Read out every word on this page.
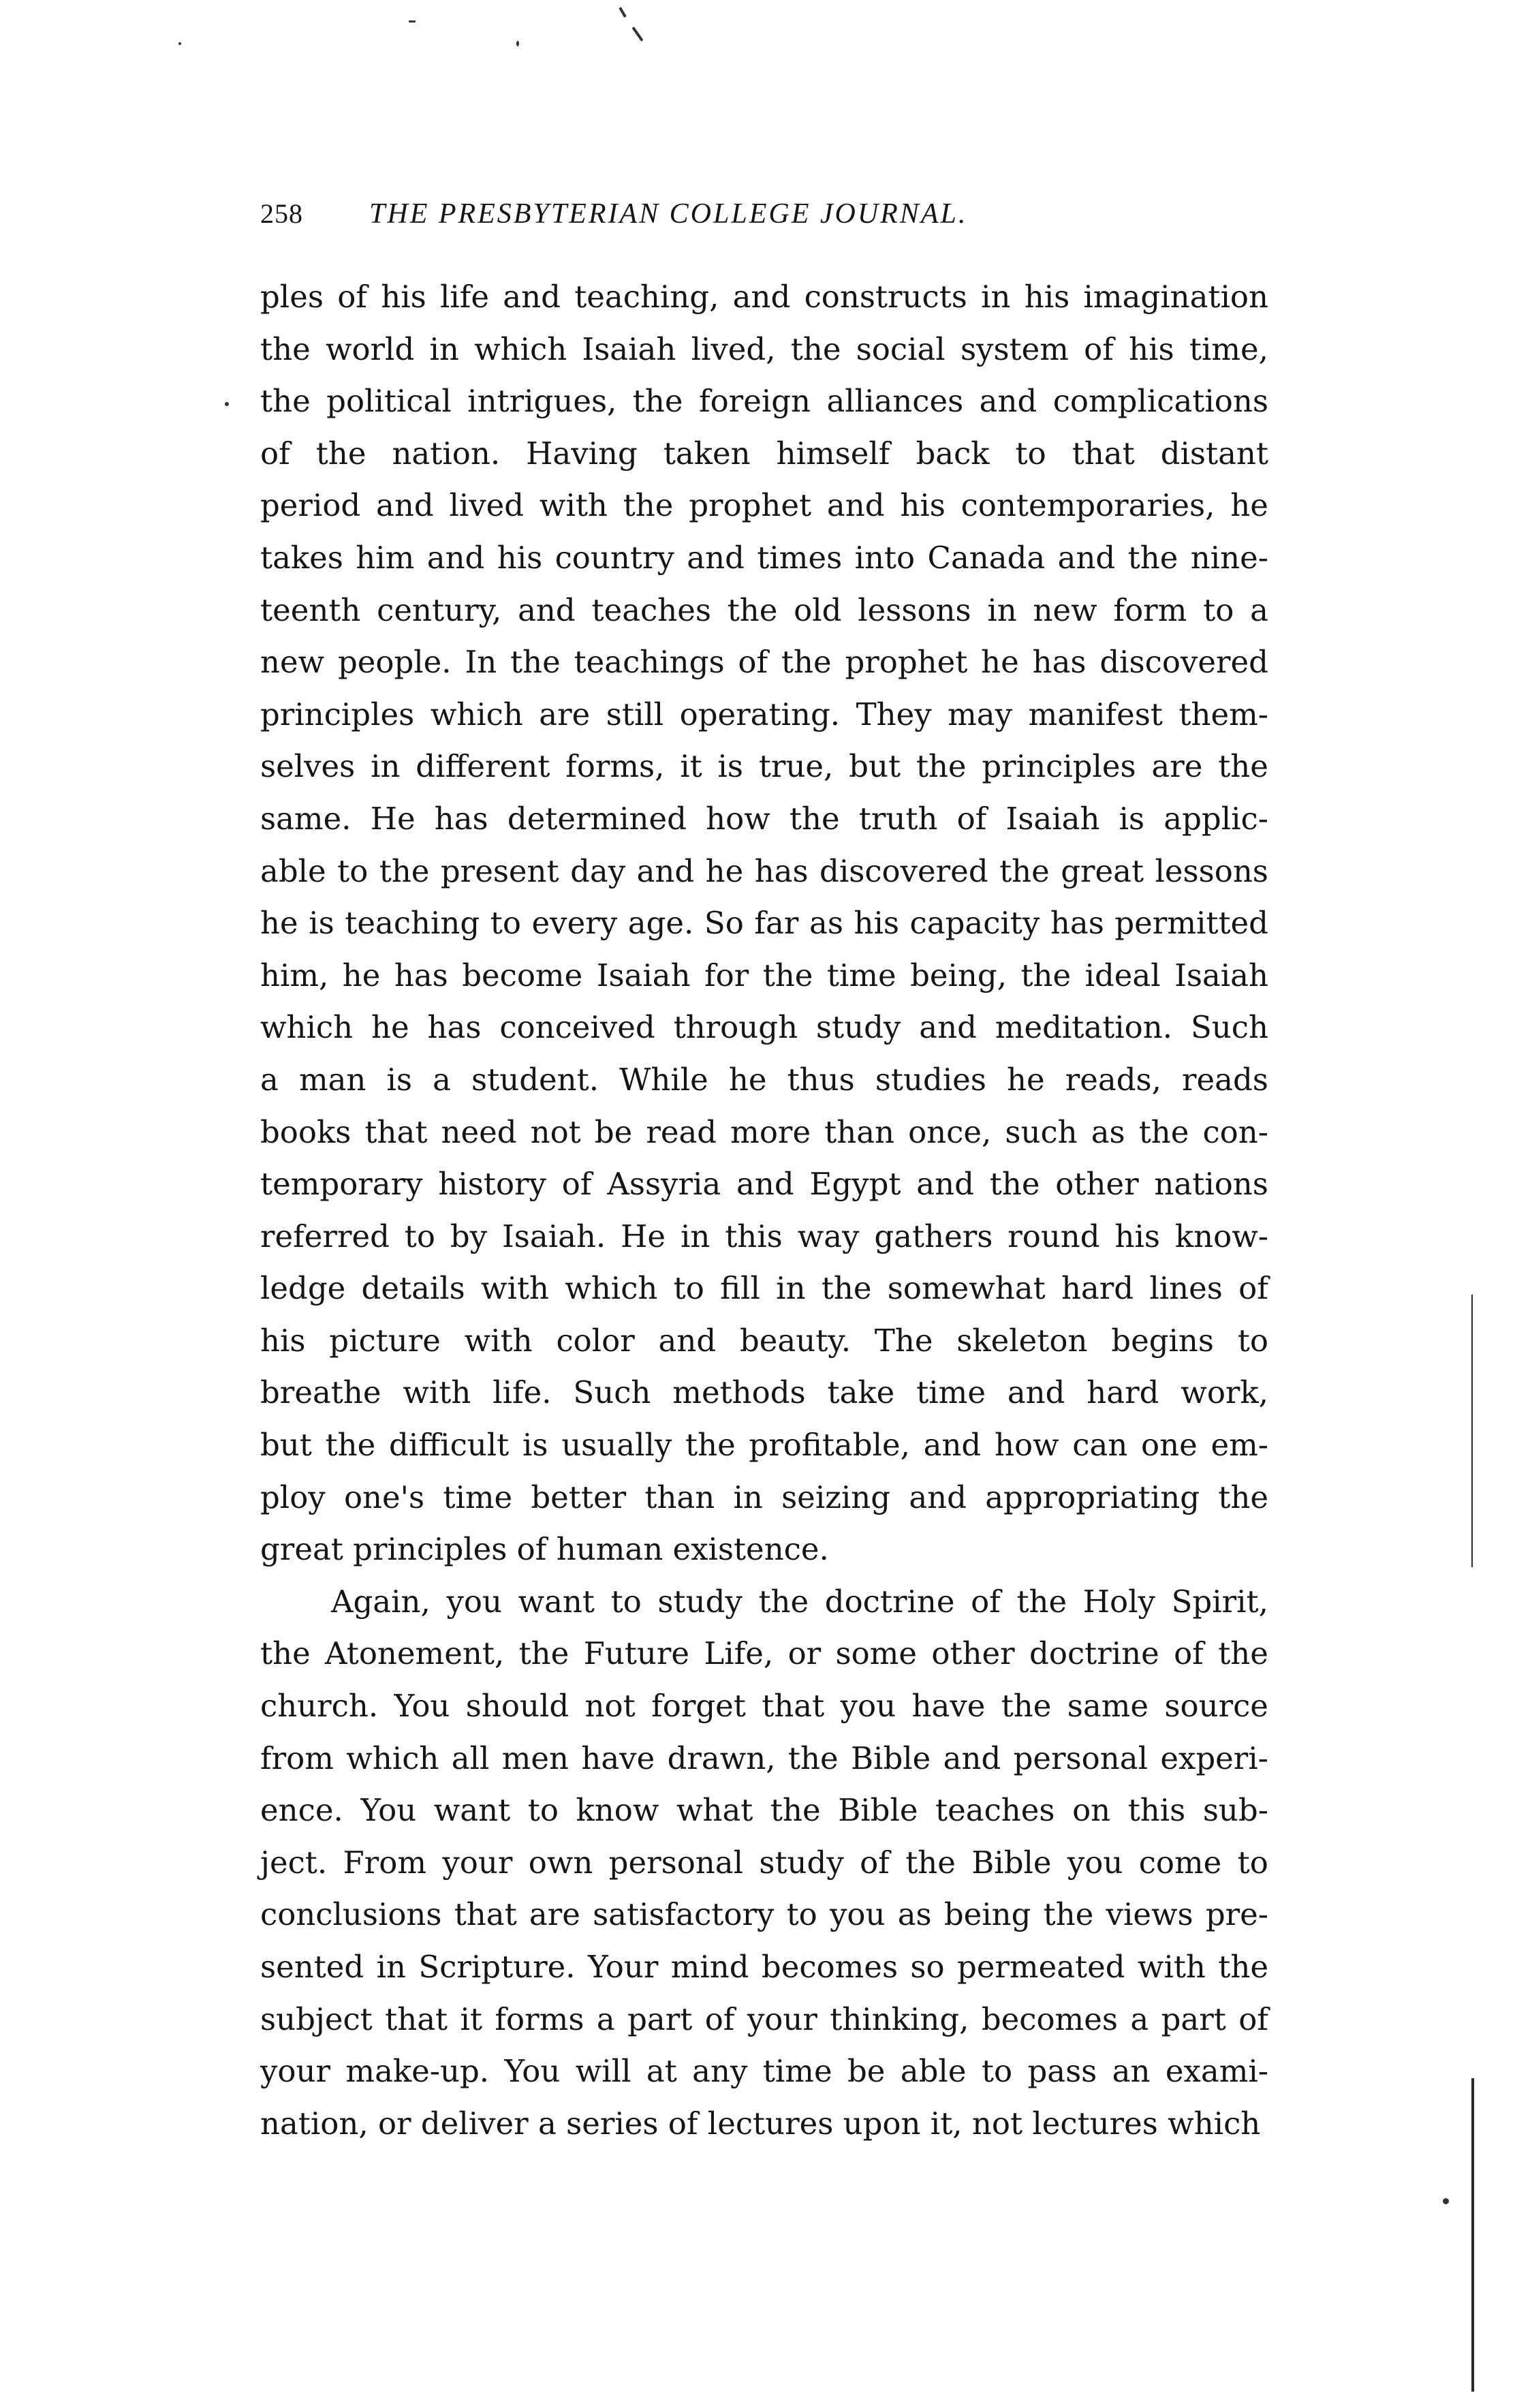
258	THE PRESBYTERIAN COLLEGE JOURNAL.
ples of his life and teaching, and constructs in his imagination
the world in which Isaiah lived, the social system of his time,
the political intrigues, the foreign alliances and complications
of the nation. Having taken himself back to that distant
period and lived with the prophet and his contemporaries, he
takes him and his country and times into Canada and the nine-
teenth century, and teaches the old lessons in new form to a
new people. In the teachings of the prophet he has discovered
principles which are still operating. They may manifest them-
selves in different forms, it is true, but the principles are the
same. He has determined how the truth of Isaiah is applic-
able to the present day and he has discovered the great lessons
he is teaching to every age. So far as his capacity has permitted
him, he has become Isaiah for the time being, the ideal Isaiah
which he has conceived through study and meditation. Such
a man is a student. While he thus studies he reads, reads
books that need not be read more than once, such as the con-
temporary history of Assyria and Egypt and the other nations
referred to by Isaiah. He in this way gathers round his know-
ledge details with which to fill in the somewhat hard lines of
his picture with color and beauty. The skeleton begins to
breathe with life. Such methods take time and hard work,
but the difficult is usually the profitable, and how can one em-
ploy one's time better than in seizing and appropriating the
great principles of human existence.
Again, you want to study the doctrine of the Holy Spirit,
the Atonement, the Future Life, or some other doctrine of the
church. You should not forget that you have the same source
from which all men have drawn, the Bible and personal experi-
ence. You want to know what the Bible teaches on this sub-
ject. From your own personal study of the Bible you come to
conclusions that are satisfactory to you as being the views pre-
sented in Scripture. Your mind becomes so permeated with the
subject that it forms a part of your thinking, becomes a part of
your make-up. You will at any time be able to pass an exami-
nation, or deliver a series of lectures upon it, not lectures which
